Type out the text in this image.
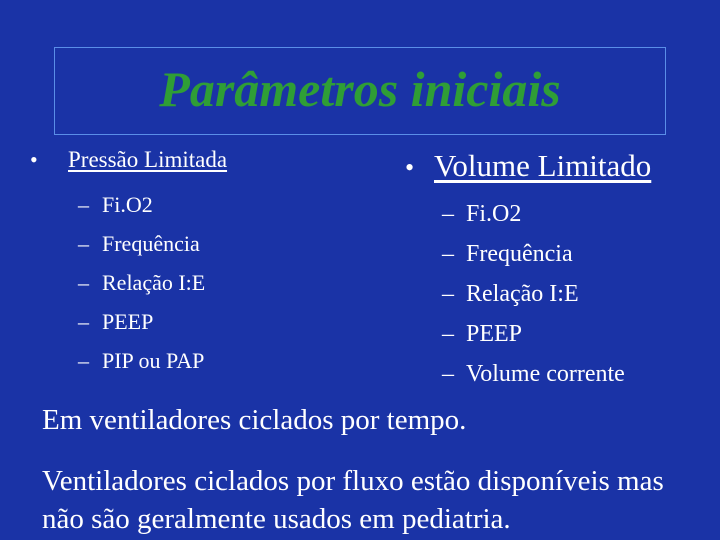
Parâmetros iniciais
•	Pressão Limitada
– Fi.O2
– Frequência
– Relação I:E
– PEEP
– PIP ou PAP
• Volume Limitado
– Fi.O2
– Frequência
– Relação I:E
– PEEP
– Volume corrente
Em ventiladores ciclados por tempo.
Ventiladores ciclados por fluxo estão disponíveis mas não são geralmente usados em pediatria.
